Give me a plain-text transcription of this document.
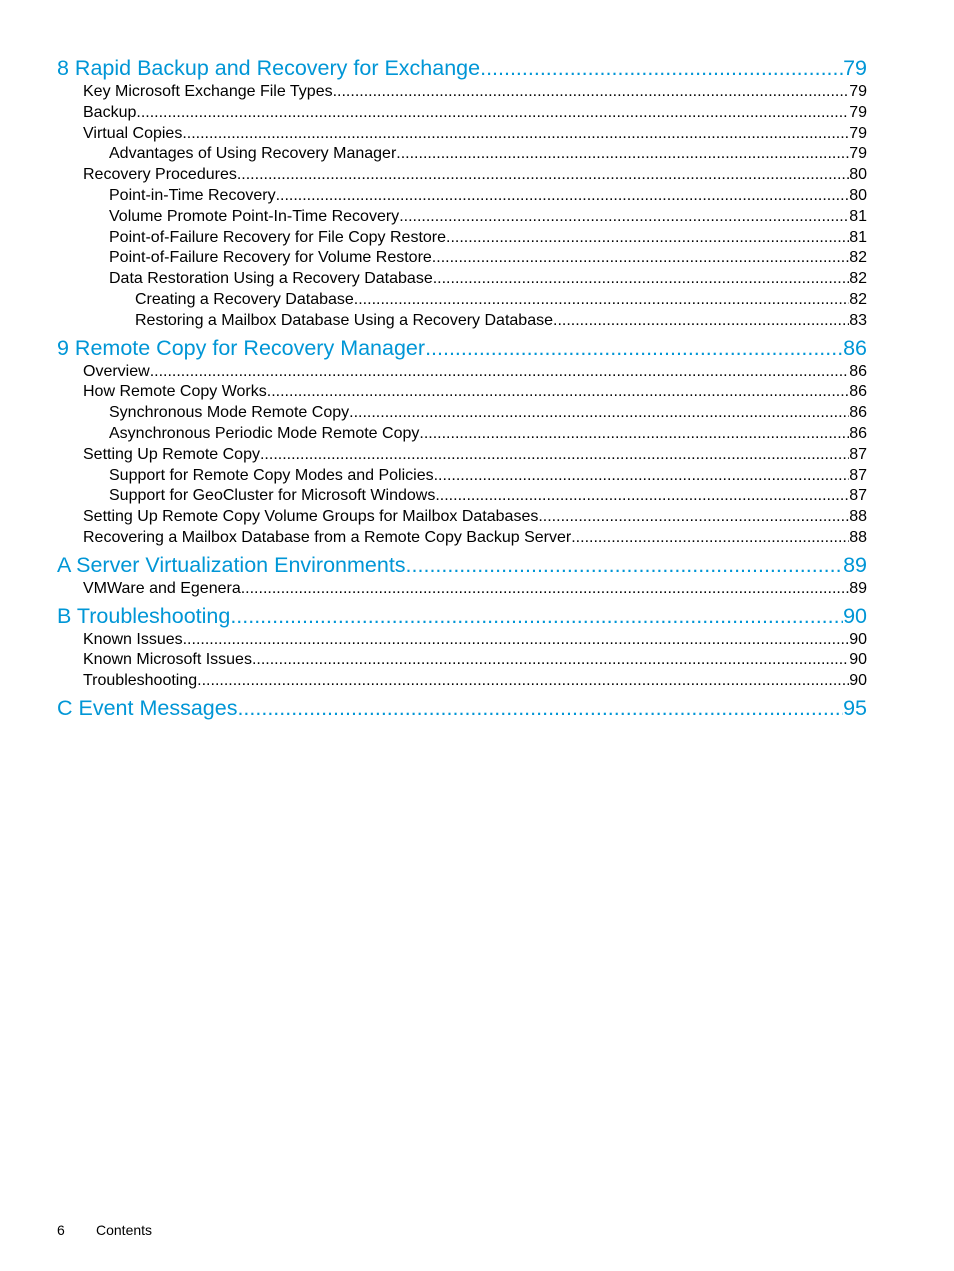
8 Rapid Backup and Recovery for Exchange .....	79
Key Microsoft Exchange File Types .....	79
Backup .....	79
Virtual Copies .....	79
Advantages of Using Recovery Manager .....	79
Recovery Procedures .....	80
Point-in-Time Recovery .....	80
Volume Promote Point-In-Time Recovery .....	81
Point-of-Failure Recovery for File Copy Restore .....	81
Point-of-Failure Recovery for Volume Restore .....	82
Data Restoration Using a Recovery Database .....	82
Creating a Recovery Database .....	82
Restoring a Mailbox Database Using a Recovery Database .....	83
9 Remote Copy for Recovery Manager .....	86
Overview .....	86
How Remote Copy Works .....	86
Synchronous Mode Remote Copy .....	86
Asynchronous Periodic Mode Remote Copy .....	86
Setting Up Remote Copy .....	87
Support for Remote Copy Modes and Policies .....	87
Support for GeoCluster for Microsoft Windows .....	87
Setting Up Remote Copy Volume Groups for Mailbox Databases .....	88
Recovering a Mailbox Database from a Remote Copy Backup Server .....	88
A Server Virtualization Environments .....	89
VMWare and Egenera .....	89
B Troubleshooting .....	90
Known Issues .....	90
Known Microsoft Issues .....	90
Troubleshooting .....	90
C Event Messages .....	95
6	Contents
